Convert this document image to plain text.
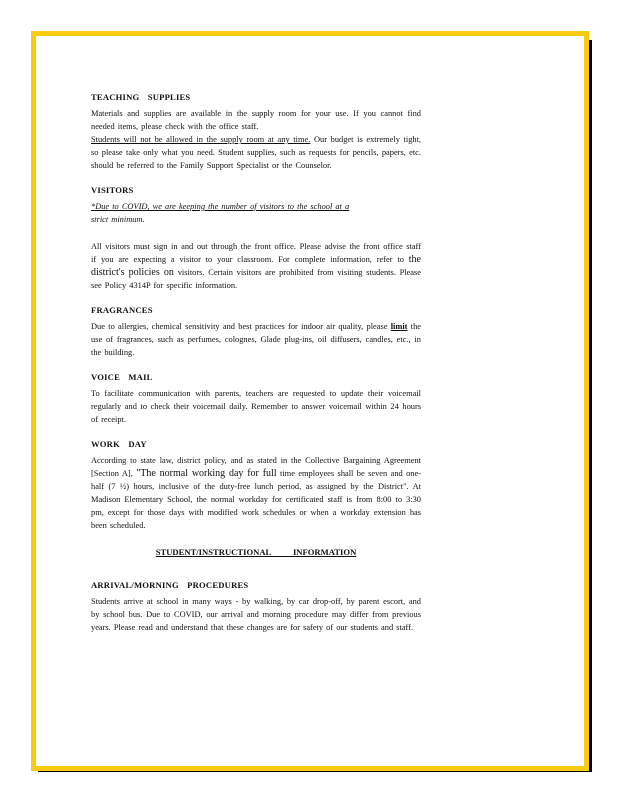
TEACHING SUPPLIES

Materials and supplies are available in the supply room for your use. If you cannot find needed items, please check with the office staff.

Students will not be allowed in the supply room at any time. Our budget is extremely tight, so please take only what you need. Student supplies, such as requests for pencils, papers, etc. should be referred to the Family Support Specialist or the Counselor.

VISITORS

*Due to COVID, we are keeping the number of visitors to the school at a

strict minimum.

All visitors must sign in and out through the front office. Please advise the front office staff if you are expecting a visitor to your classroom. For complete information, refer to the district's policies on visitors. Certain visitors are prohibited from visiting students. Please see Policy 4314P for specific information.

FRAGRANCES

Due to allergies, chemical sensitivity and best practices for indoor air quality, please limit the use of fragrances, such as perfumes, colognes, Glade plug-ins, oil diffusers, candles, etc., in the building.

VOICE MAIL

To facilitate communication with parents, teachers are requested to update their voicemail regularly and to check their voicemail daily. Remember to answer voicemail within 24 hours of receipt.

WORK DAY

According to state law, district policy, and as stated in the Collective Bargaining Agreement [Section A], "The normal working day for full time employees shall be seven and one-half (7 ½) hours, inclusive of the duty-free lunch period, as assigned by the District". At Madison Elementary School, the normal workday for certificated staff is from 8:00 to 3:30 pm, except for those days with modified work schedules or when a workday extension has been scheduled.

STUDENT/INSTRUCTIONAL INFORMATION
ARRIVAL/MORNING PROCEDURES

Students arrive at school in many ways - by walking, by car drop-off, by parent escort, and by school bus. Due to COVID, our arrival and morning procedure may differ from previous years. Please read and understand that these changes are for safety of our students and staff.
